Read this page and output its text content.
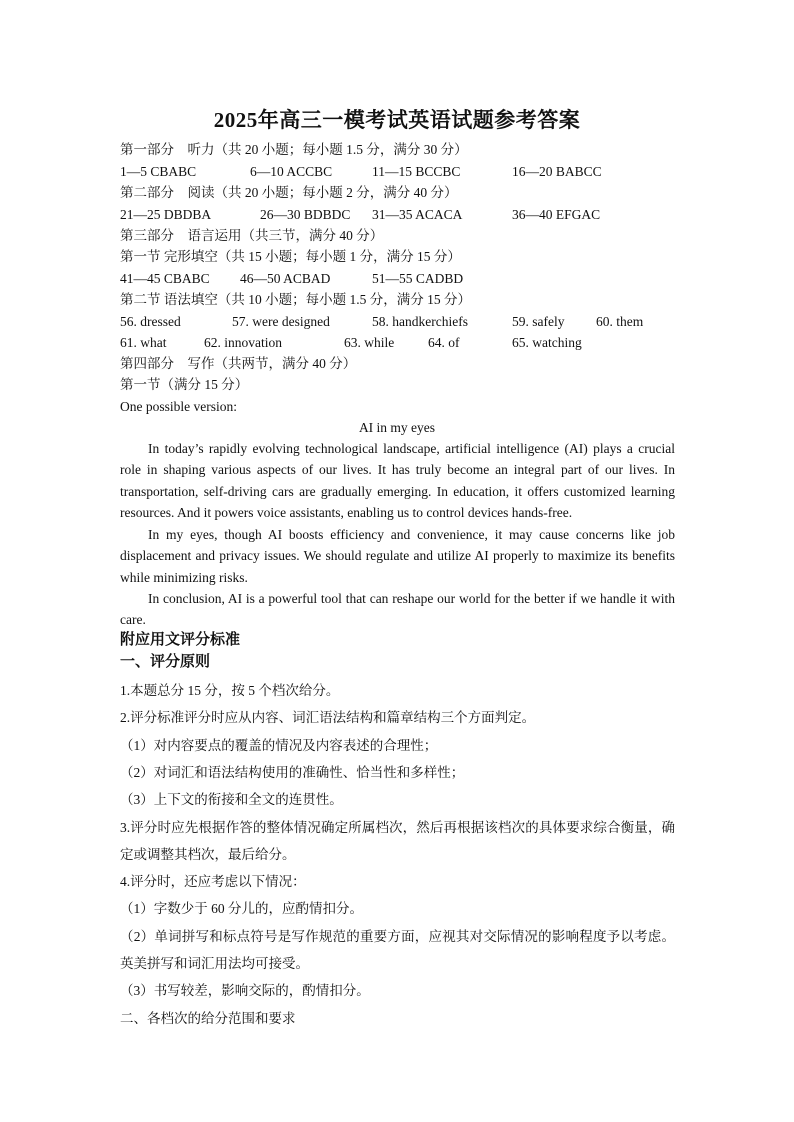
2025年高三一模考试英语试题参考答案
第一部分　听力（共 20 小题；每小题 1.5 分，满分 30 分）
1—5 CBABC	6—10 ACCBC	11—15 BCCBC	16—20 BABCC
第二部分　阅读（共 20 小题；每小题 2 分，满分 40 分）
21—25 DBDBA	26—30 BDBDC 31—35 ACACA	36—40 EFGAC
第三部分　语言运用（共三节，满分 40 分）
第一节 完形填空（共 15 小题；每小题 1 分，满分 15 分）
41—45 CBABC 46—50 ACBAD	51—55 CADBD
第二节 语法填空（共 10 小题；每小题 1.5 分，满分 15 分）
56. dressed	57. were designed	58. handkerchiefs	59. safely 60. them
61. what	62. innovation	63. while	64. of	65. watching
第四部分　写作（共两节，满分 40 分）
第一节（满分 15 分）
One possible version:
AI in my eyes
In today’s rapidly evolving technological landscape, artificial intelligence (AI) plays a crucial role in shaping various aspects of our lives. It has truly become an integral part of our lives. In transportation, self-driving cars are gradually emerging. In education, it offers customized learning resources. And it powers voice assistants, enabling us to control devices hands-free.
In my eyes, though AI boosts efficiency and convenience, it may cause concerns like job displacement and privacy issues. We should regulate and utilize AI properly to maximize its benefits while minimizing risks.
In conclusion, AI is a powerful tool that can reshape our world for the better if we handle it with care.
附应用文评分标准
一、评分原则
1.本题总分 15 分，按 5 个档次给分。
2.评分标准评分时应从内容、词汇语法结构和篇章结构三个方面判定。
（1）对内容要点的覆盖的情况及内容表述的合理性；
（2）对词汇和语法结构使用的准确性、恰当性和多样性；
（3）上下文的衔接和全文的连贯性。
3.评分时应先根据作答的整体情况确定所属档次，然后再根据该档次的具体要求综合衡量，确定或调整其档次，最后给分。
4.评分时，还应考虑以下情况：
（1）字数少于 60 分儿的，应酌情扣分。
（2）单词拼写和标点符号是写作规范的重要方面，应视其对交际情况的影响程度予以考虑。英美拼写和词汇用法均可接受。
（3）书写较差，影响交际的，酌情扣分。
二、各档次的给分范围和要求
